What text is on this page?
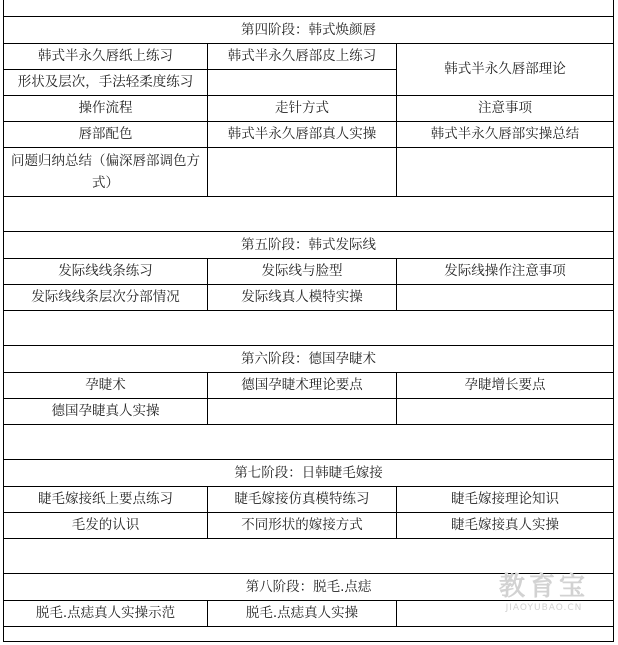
第四阶段：韩式焕颜唇		
韩式半永久唇纸上练习	韩式半永久唇部皮上练习	韩式半永久唇部理论
形状及层次，手法轻柔度练习		
操作流程	走针方式	注意事项
唇部配色	韩式半永久唇部真人实操	韩式半永久唇部实操总结
问题归纳总结（偏深唇部调色方式）		

第五阶段：韩式发际线		
发际线线条练习	发际线与脸型	发际线操作注意事项
发际线线条层次分部情况	发际线真人模特实操	

第六阶段：德国孕睫术		
孕睫术	德国孕睫术理论要点	孕睫增长要点
德国孕睫真人实操		

第七阶段：日韩睫毛嫁接		
睫毛嫁接纸上要点练习	睫毛嫁接仿真模特练习	睫毛嫁接理论知识
毛发的认识	不同形状的嫁接方式	睫毛嫁接真人实操

第八阶段：脱毛.点痣		
脱毛.点痣真人实操示范	脱毛.点痣真人实操	

教育宝
JIAOYUBAO.CN
